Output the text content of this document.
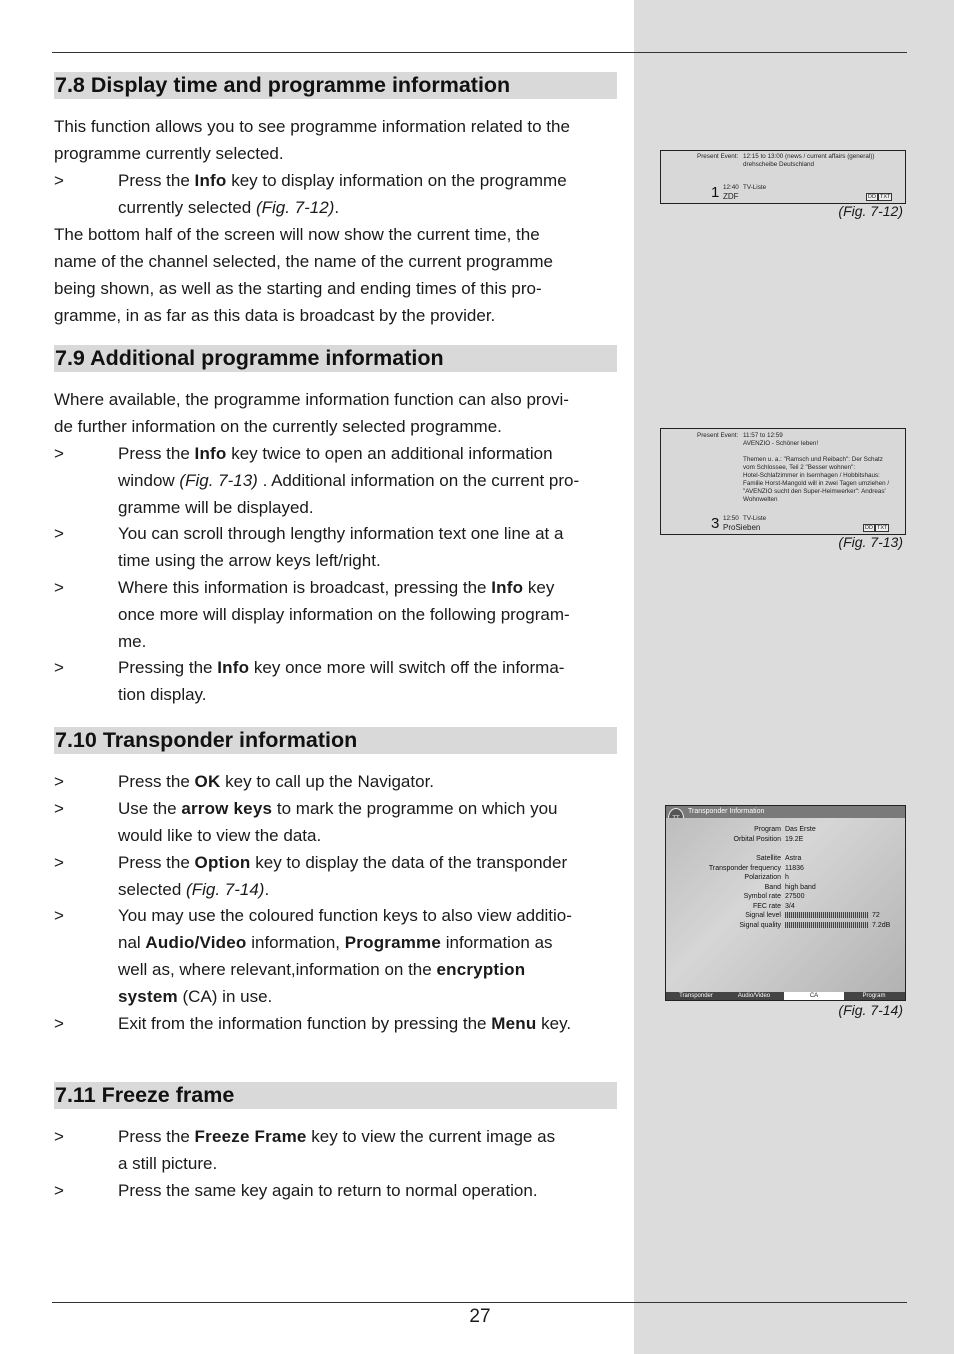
27
7.8 Display time and programme information
This function allows you to see programme information related to the
programme currently selected.
>	Press the Info key to display information on the programme
currently selected (Fig. 7-12).
The bottom half of the screen will now show the current time, the
name of the channel selected, the name of the current programme
being shown, as well as the starting and ending times of this pro-
gramme, in as far as this data is broadcast by the provider.
7.9 Additional programme information
Where available, the programme information function can also provi-
de further information on the currently selected programme.
>	Press the Info key twice to open an additional information
window (Fig. 7-13) . Additional information on the current pro-
gramme will be displayed.
>	You can scroll through lengthy information text one line at a
time using the arrow keys left/right.
>	Where this information is broadcast, pressing the Info key
once more will display information on the following program-
me.
>	Pressing the Info key once more will switch off the informa-
tion display.
7.10 Transponder information
>	Press the OK key to call up the Navigator.
>	Use the arrow keys to mark the programme on which you
would like to view the data.
>	Press the Option key to display the data of the transponder
selected (Fig. 7-14).
>	You may use the coloured function keys to also view additio-
nal Audio/Video information, Programme information as
well as, where relevant,information on the encryption
system (CA) in use.
>	Exit from the information function by pressing the Menu key.
7.11 Freeze frame
>	Press the Freeze Frame key to view the current image as
a still picture.
>	Press the same key again to return to normal operation.
Present Event: 12:15 to 13:00 (news / current affairs (general))
drehscheibe Deutschland
1 12:40 TV-Liste
ZDF	DD TXT
(Fig. 7-12)
Present Event: 11:57 to 12:59
AVENZIO - Schöner leben!
Themen u. a.: "Ramsch und Reibach": Der Schatz
vom Schlossee, Teil 2 "Besser wohnen":
Hotel-Schlafzimmer in Isernhagen / Hobbitshaus:
Familie Horst-Mangold will in zwei Tagen umziehen /
"AVENZIO sucht den Super-Heimwerker": Andreas'
Wohnwelten
3 12:50 TV-Liste
ProSieben	DD TXT
(Fig. 7-13)
Transponder Information
Program Das Erste
Orbital Position 19.2E
Satellite Astra
Transponder frequency 11836
Polarization h
Band high band
Symbol rate 27500
FEC rate 3/4
Signal level	72
Signal quality	7.2dB
Transponder	Audio/Video	CA	Program
(Fig. 7-14)
